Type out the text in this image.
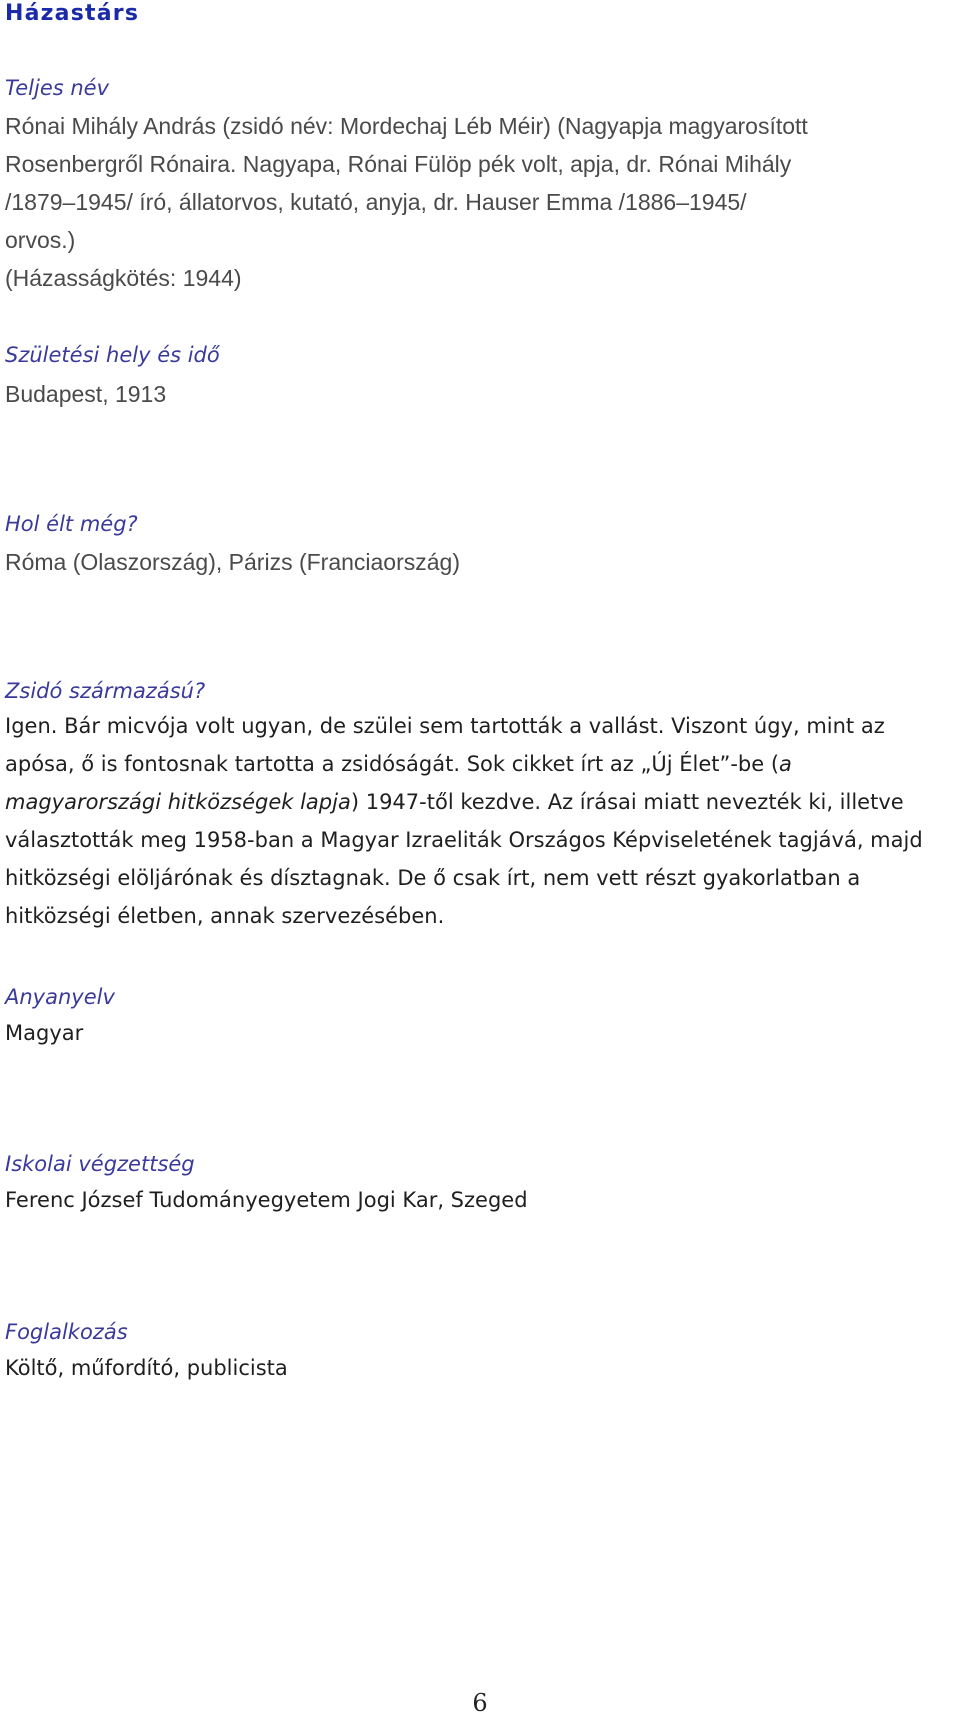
Házastárs
Teljes név
Rónai Mihály András (zsidó név: Mordechaj Léb Méir) (Nagyapja magyarosított
Rosenbergről Rónaira. Nagyapa, Rónai Fülöp pék volt, apja, dr. Rónai Mihály
/1879–1945/ író, állatorvos, kutató, anyja, dr. Hauser Emma /1886–1945/
orvos.)
(Házasságkötés: 1944)
Születési hely és idő
Budapest, 1913
Hol élt még?
Róma (Olaszország), Párizs (Franciaország)
Zsidó származású?
Igen. Bár micvója volt ugyan, de szülei sem tartották a vallást. Viszont úgy, mint az apósa, ő is fontosnak tartotta a zsidóságát. Sok cikket írt az „Új Élet”-be (a magyarországi hitközségek lapja) 1947-től kezdve. Az írásai miatt nevezték ki, illetve választották meg 1958-ban a Magyar Izraeliták Országos Képviseletének tagjává, majd hitközségi elöljárónak és dísztagnak. De ő csak írt, nem vett részt gyakorlatban a hitközségi életben, annak szervezésében.
Anyanyelv
Magyar
Iskolai végzettség
Ferenc József Tudományegyetem Jogi Kar, Szeged
Foglalkozás
Költő, műfordító, publicista
6
